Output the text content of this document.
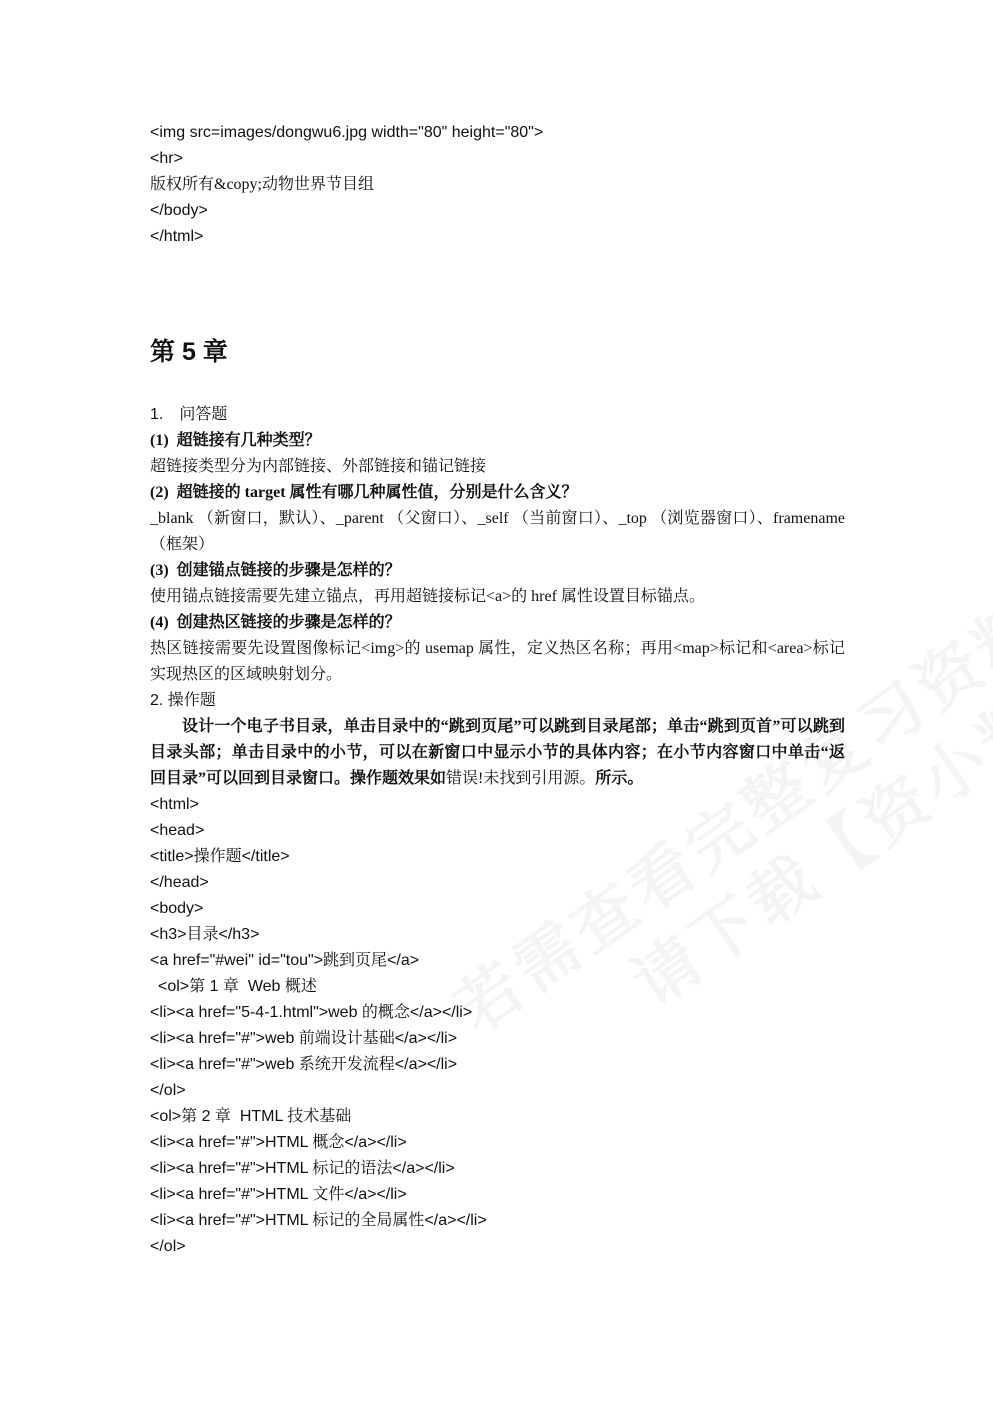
<img src=images/dongwu6.jpg width="80" height="80">

<hr>

版权所有&copy;动物世界节目组

</body>

</html>

第 5 章

1.　问答题

(1)  超链接有几种类型？

超链接类型分为内部链接、外部链接和锚记链接

(2)  超链接的 target 属性有哪几种属性值，分别是什么含义？

_blank （新窗口，默认）、_parent （父窗口）、_self （当前窗口）、_top （浏览器窗口）、framename （框架）

(3)  创建锚点链接的步骤是怎样的？

使用锚点链接需要先建立锚点，再用超链接标记<a>的 href 属性设置目标锚点。

(4)  创建热区链接的步骤是怎样的？

热区链接需要先设置图像标记<img>的 usemap 属性，定义热区名称；再用<map>标记和<area>标记实现热区的区域映射划分。

2. 操作题

设计一个电子书目录，单击目录中的“跳到页尾”可以跳到目录尾部；单击“跳到页首”可以跳到目录头部；单击目录中的小节，可以在新窗口中显示小节的具体内容；在小节内容窗口中单击“返回目录”可以回到目录窗口。操作题效果如错误!未找到引用源。所示。

<html>

<head>

<title>操作题</title>

</head>

<body>

<h3>目录</h3>

<a href="#wei" id="tou">跳到页尾</a>

<ol>第 1 章  Web 概述

<li><a href="5-4-1.html">web 的概念</a></li>

<li><a href="#">web 前端设计基础</a></li>

<li><a href="#">web 系统开发流程</a></li>

</ol>

<ol>第 2 章  HTML 技术基础

<li><a href="#">HTML 概念</a></li>

<li><a href="#">HTML 标记的语法</a></li>

<li><a href="#">HTML 文件</a></li>

<li><a href="#">HTML 标记的全局属性</a></li>

</ol>
